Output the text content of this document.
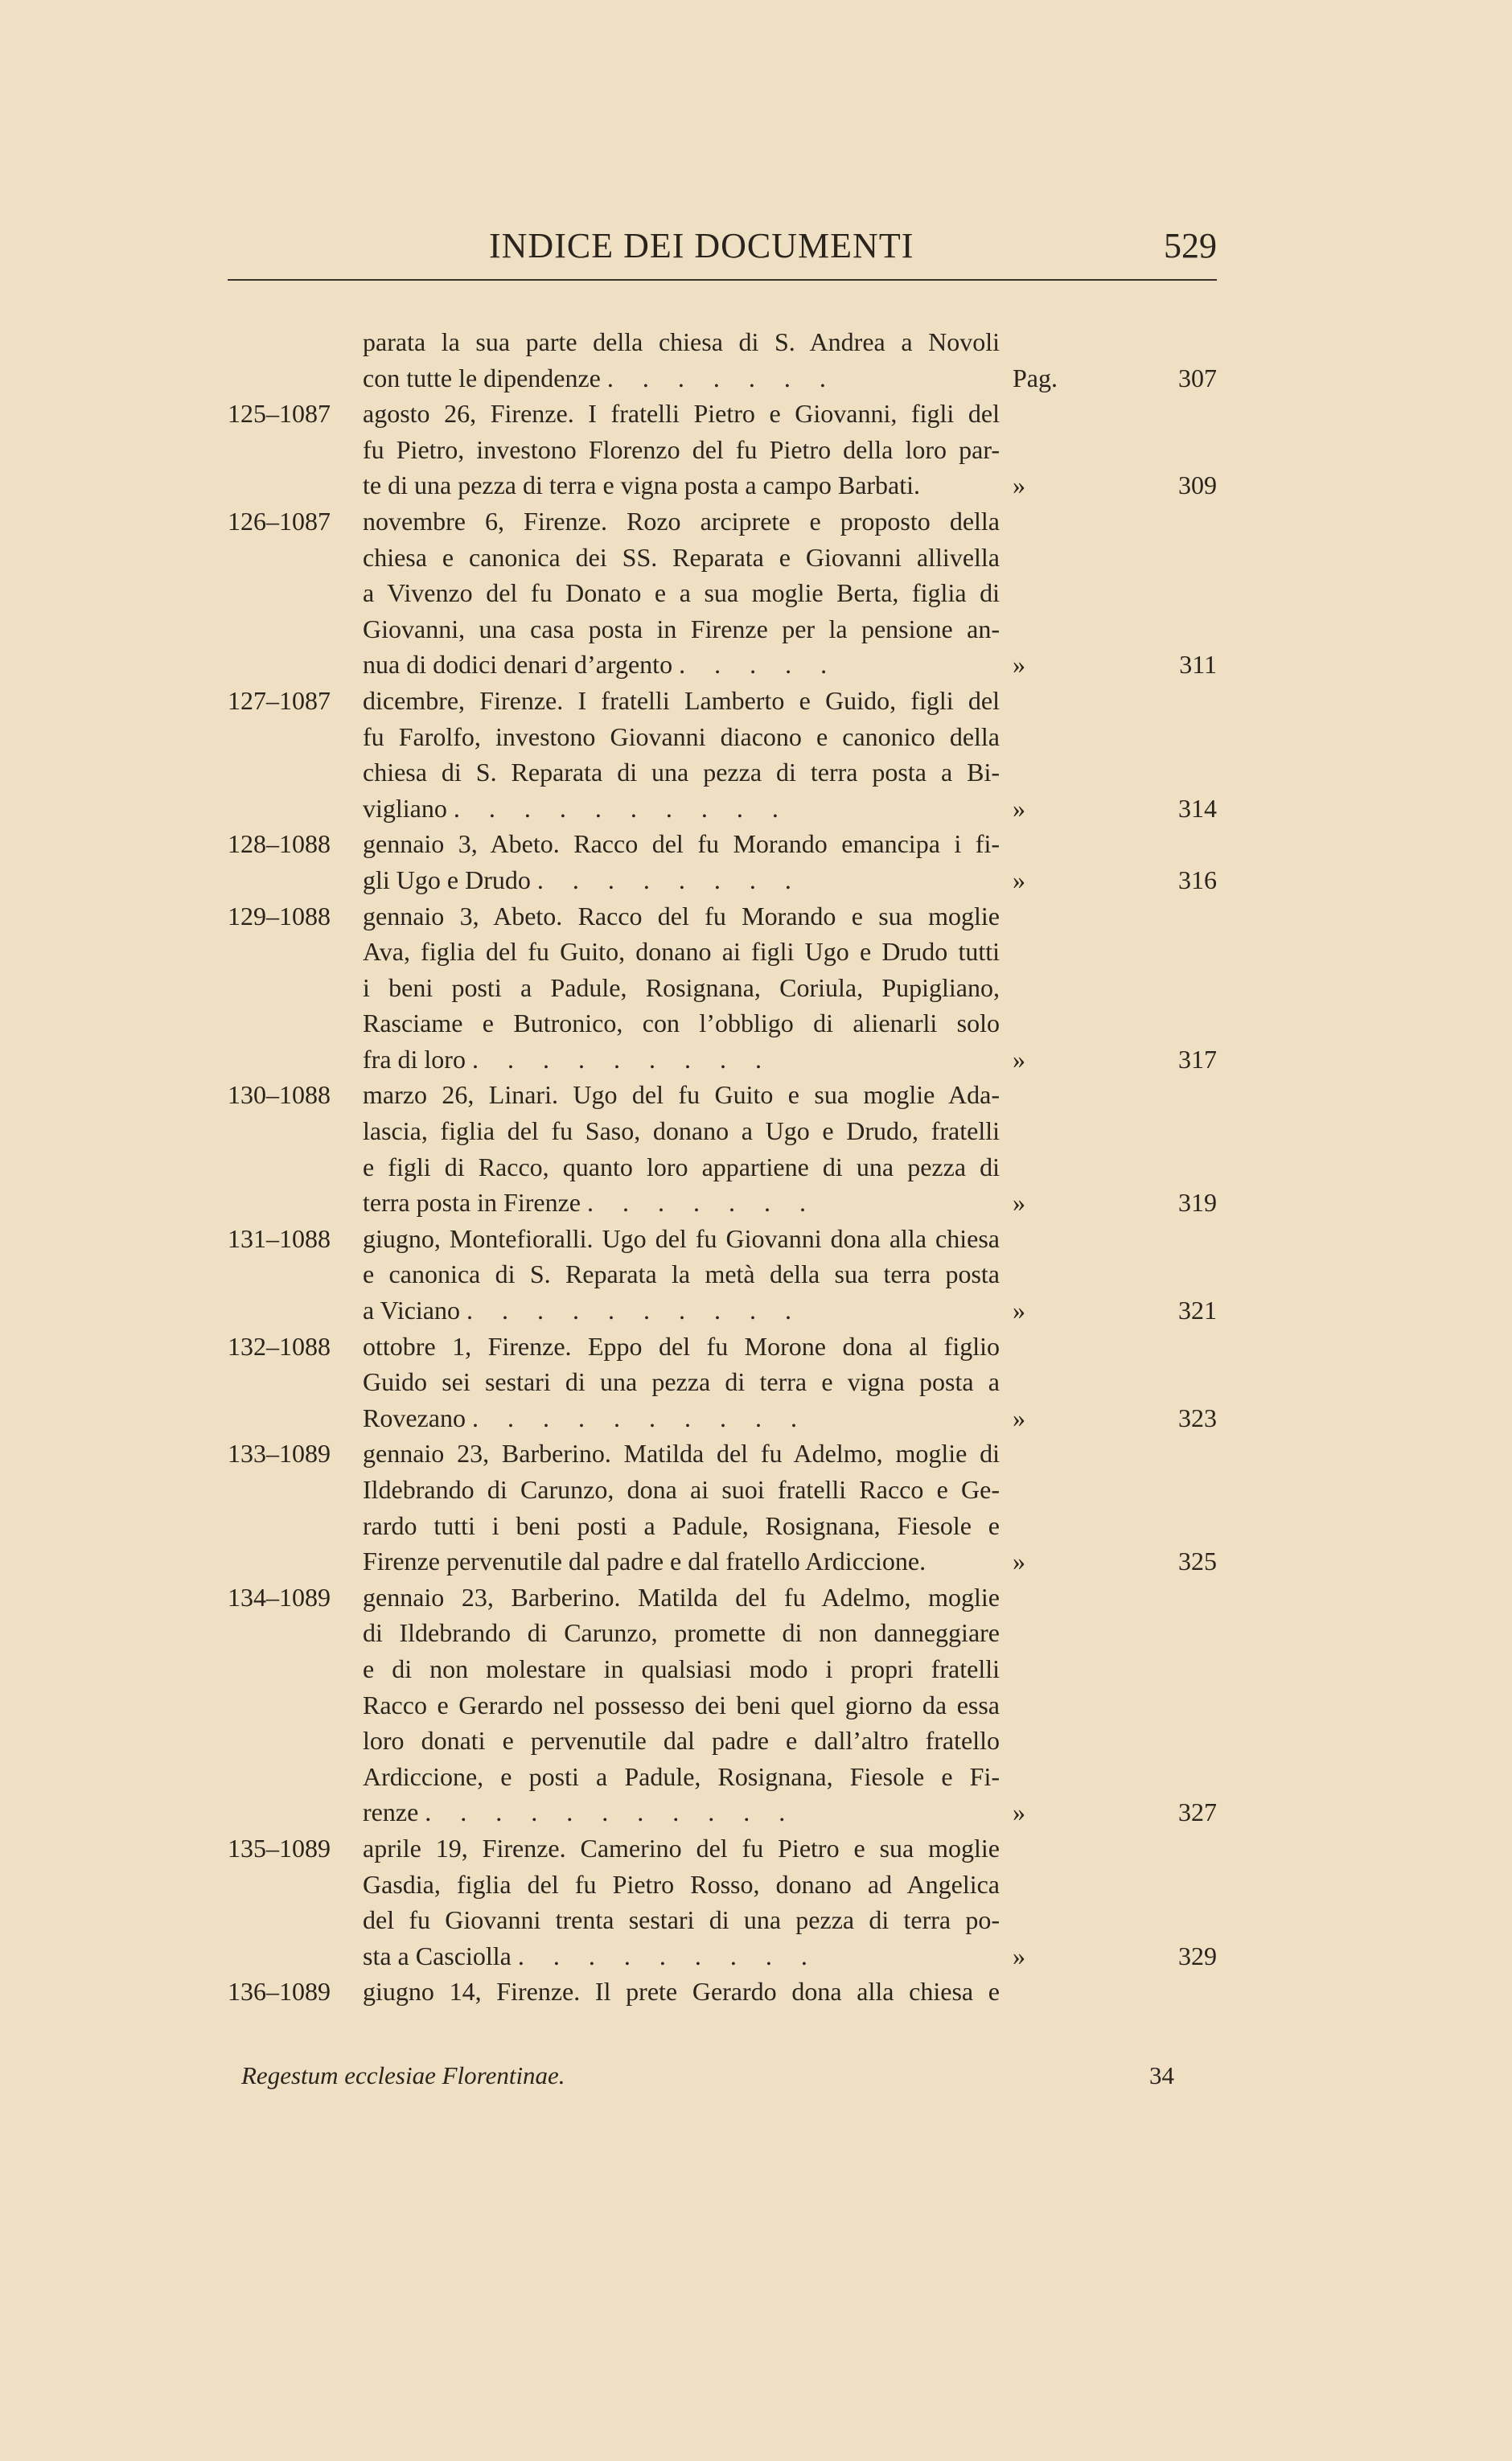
INDICE DEI DOCUMENTI	529
parata la sua parte della chiesa di S. Andrea a Novoli
con tutte le dipendenze . . . . . . .	Pag.	307
125–1087 agosto 26, Firenze. I fratelli Pietro e Giovanni, figli del
fu Pietro, investono Florenzo del fu Pietro della loro par-
te di una pezza di terra e vigna posta a campo Barbati.	»	309
126–1087 novembre 6, Firenze. Rozo arciprete e proposto della
chiesa e canonica dei SS. Reparata e Giovanni allivella
a Vivenzo del fu Donato e a sua moglie Berta, figlia di
Giovanni, una casa posta in Firenze per la pensione an-
nua di dodici denari d’argento . . . . .	»	311
127–1087 dicembre, Firenze. I fratelli Lamberto e Guido, figli del
fu Farolfo, investono Giovanni diacono e canonico della
chiesa di S. Reparata di una pezza di terra posta a Bi-
vigliano . . . . . . . . . .	»	314
128–1088 gennaio 3, Abeto. Racco del fu Morando emancipa i fi-
gli Ugo e Drudo . . . . . . . .	»	316
129–1088 gennaio 3, Abeto. Racco del fu Morando e sua moglie
Ava, figlia del fu Guito, donano ai figli Ugo e Drudo tutti
i beni posti a Padule, Rosignana, Coriula, Pupigliano,
Rasciame e Butronico, con l’obbligo di alienarli solo
fra di loro . . . . . . . . .	»	317
130–1088 marzo 26, Linari. Ugo del fu Guito e sua moglie Ada-
lascia, figlia del fu Saso, donano a Ugo e Drudo, fratelli
e figli di Racco, quanto loro appartiene di una pezza di
terra posta in Firenze . . . . . . .	»	319
131–1088 giugno, Montefioralli. Ugo del fu Giovanni dona alla chiesa
e canonica di S. Reparata la metà della sua terra posta
a Viciano . . . . . . . . . .	»	321
132–1088 ottobre 1, Firenze. Eppo del fu Morone dona al figlio
Guido sei sestari di una pezza di terra e vigna posta a
Rovezano . . . . . . . . . .	»	323
133–1089 gennaio 23, Barberino. Matilda del fu Adelmo, moglie di
Ildebrando di Carunzo, dona ai suoi fratelli Racco e Ge-
rardo tutti i beni posti a Padule, Rosignana, Fiesole e
Firenze pervenutile dal padre e dal fratello Ardiccione.	»	325
134–1089 gennaio 23, Barberino. Matilda del fu Adelmo, moglie
di Ildebrando di Carunzo, promette di non danneggiare
e di non molestare in qualsiasi modo i propri fratelli
Racco e Gerardo nel possesso dei beni quel giorno da essa
loro donati e pervenutile dal padre e dall’altro fratello
Ardiccione, e posti a Padule, Rosignana, Fiesole e Fi-
renze . . . . . . . . . . .	»	327
135–1089 aprile 19, Firenze. Camerino del fu Pietro e sua moglie
Gasdia, figlia del fu Pietro Rosso, donano ad Angelica
del fu Giovanni trenta sestari di una pezza di terra po-
sta a Casciolla . . . . . . . . .	»	329
136–1089 giugno 14, Firenze. Il prete Gerardo dona alla chiesa e
Regestum ecclesiae Florentinae.	34
